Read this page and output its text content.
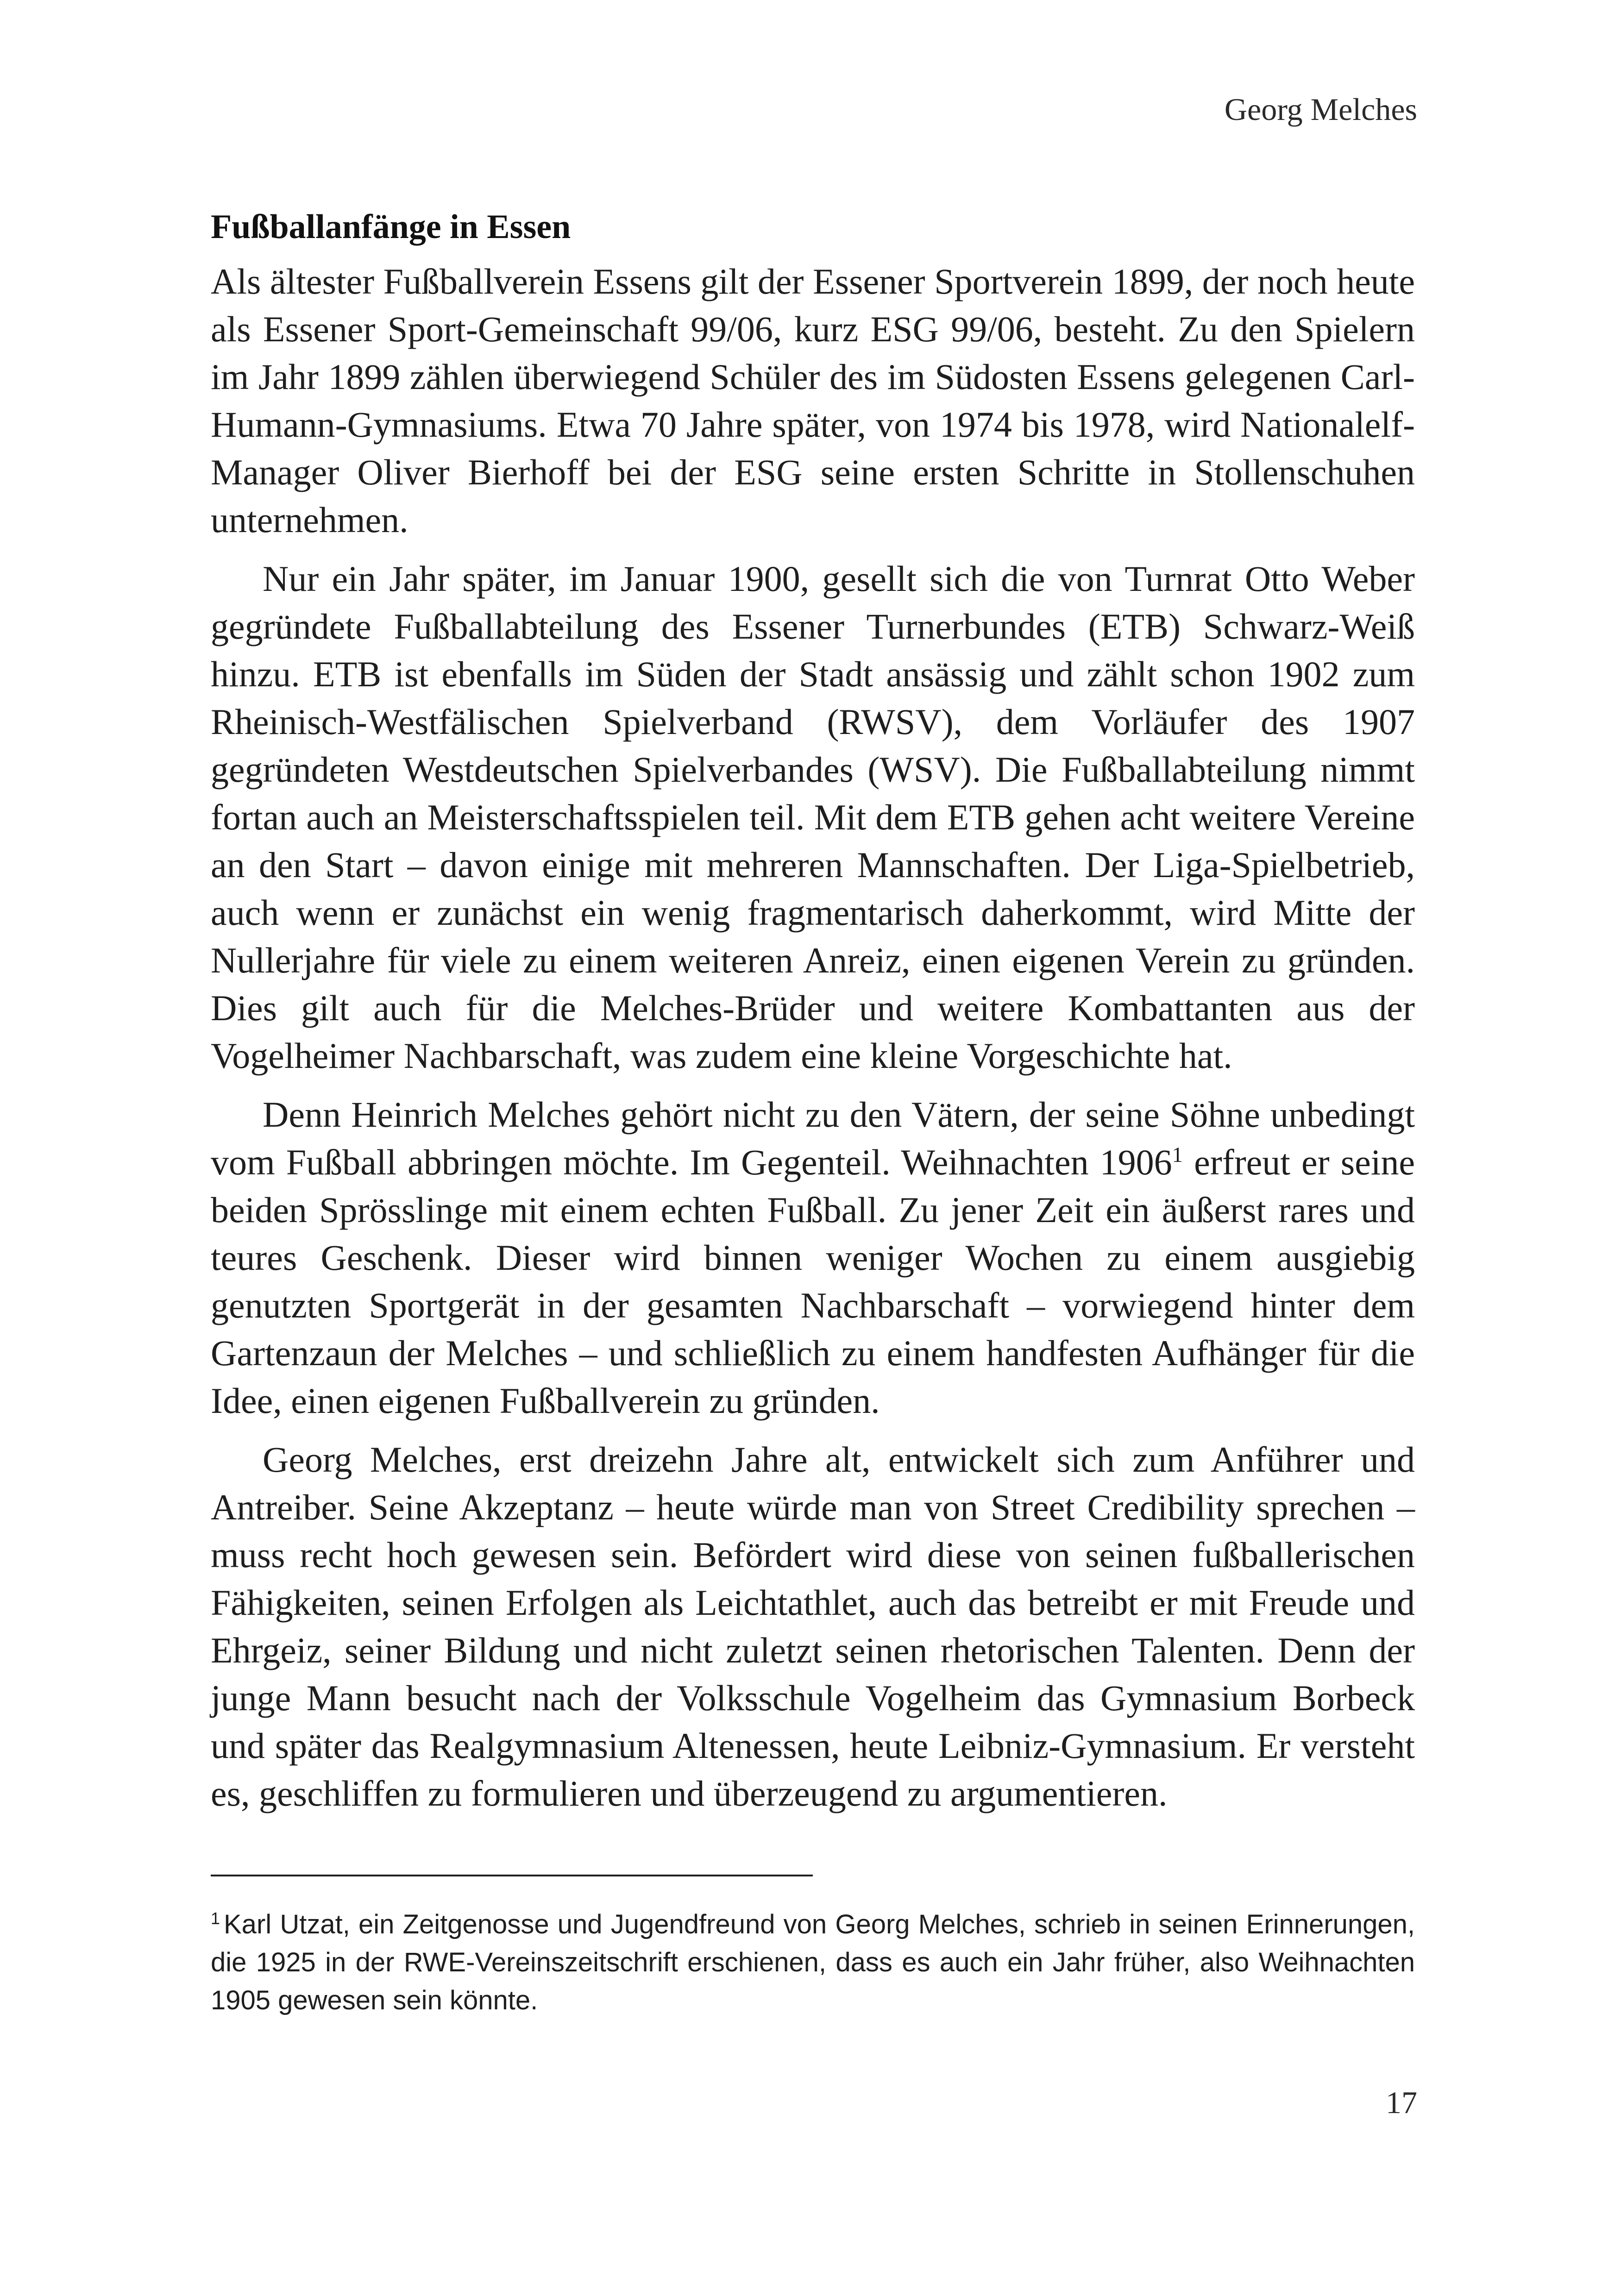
Georg Melches
Fußballanfänge in Essen

Als ältester Fußballverein Essens gilt der Essener Sportverein 1899, der noch heute als Essener Sport-Gemeinschaft 99/06, kurz ESG 99/06, besteht. Zu den Spielern im Jahr 1899 zählen überwiegend Schüler des im Südosten Essens gelegenen Carl-Humann-Gymnasiums. Etwa 70 Jahre später, von 1974 bis 1978, wird Nationalelf-Manager Oliver Bierhoff bei der ESG seine ersten Schritte in Stollenschuhen unternehmen.

Nur ein Jahr später, im Januar 1900, gesellt sich die von Turnrat Otto Weber gegründete Fußballabteilung des Essener Turnerbundes (ETB) Schwarz-Weiß hinzu. ETB ist ebenfalls im Süden der Stadt ansässig und zählt schon 1902 zum Rheinisch-Westfälischen Spielverband (RWSV), dem Vorläufer des 1907 gegründeten Westdeutschen Spielverbandes (WSV). Die Fußballabteilung nimmt fortan auch an Meisterschaftsspielen teil. Mit dem ETB gehen acht weitere Vereine an den Start – davon einige mit mehreren Mannschaften. Der Liga-Spielbetrieb, auch wenn er zunächst ein wenig fragmentarisch daherkommt, wird Mitte der Nullerjahre für viele zu einem weiteren Anreiz, einen eigenen Verein zu gründen. Dies gilt auch für die Melches-Brüder und weitere Kombattanten aus der Vogelheimer Nachbarschaft, was zudem eine kleine Vorgeschichte hat.

Denn Heinrich Melches gehört nicht zu den Vätern, der seine Söhne unbedingt vom Fußball abbringen möchte. Im Gegenteil. Weihnachten 1906$^1$ erfreut er seine beiden Sprösslinge mit einem echten Fußball. Zu jener Zeit ein äußerst rares und teures Geschenk. Dieser wird binnen weniger Wochen zu einem ausgiebig genutzten Sportgerät in der gesamten Nachbarschaft – vorwiegend hinter dem Gartenzaun der Melches – und schließlich zu einem handfesten Aufhänger für die Idee, einen eigenen Fußballverein zu gründen.

Georg Melches, erst dreizehn Jahre alt, entwickelt sich zum Anführer und Antreiber. Seine Akzeptanz – heute würde man von Street Credibility sprechen – muss recht hoch gewesen sein. Befördert wird diese von seinen fußballerischen Fähigkeiten, seinen Erfolgen als Leichtathlet, auch das betreibt er mit Freude und Ehrgeiz, seiner Bildung und nicht zuletzt seinen rhetorischen Talenten. Denn der junge Mann besucht nach der Volksschule Vogelheim das Gymnasium Borbeck und später das Realgymnasium Altenessen, heute Leibniz-Gymnasium. Er versteht es, geschliffen zu formulieren und überzeugend zu argumentieren.

$^1$ Karl Utzat, ein Zeitgenosse und Jugendfreund von Georg Melches, schrieb in seinen Erinnerungen, die 1925 in der RWE-Vereinszeitschrift erschienen, dass es auch ein Jahr früher, also Weihnachten 1905 gewesen sein könnte.

17
